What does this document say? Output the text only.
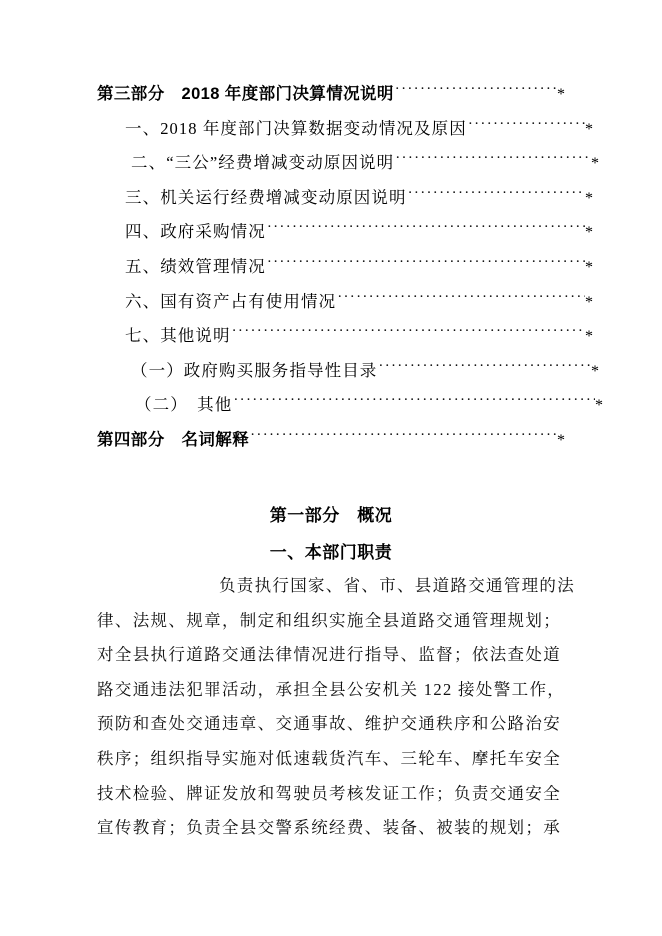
第三部分　2018 年度部门决算情况说明 ·····	*
一、2018 年度部门决算数据变动情况及原因 ·····	*
二、“三公”经费增减变动原因说明 ·····	*
三、机关运行经费增减变动原因说明 ·····	*
四、政府采购情况 ·····	*
五、绩效管理情况 ·····	*
六、国有资产占有使用情况 ·····	*
七、其他说明 ·····	*
（一）政府购买服务指导性目录 ·····	*
（二）　其他 ·····	*
第四部分　名词解释 ·····	*
第一部分　概况
一、本部门职责
负责执行国家、省、市、县道路交通管理的法
律、法规、规章，制定和组织实施全县道路交通管理规划；
对全县执行道路交通法律情况进行指导、监督；依法查处道
路交通违法犯罪活动，承担全县公安机关 122 接处警工作，
预防和查处交通违章、交通事故、维护交通秩序和公路治安
秩序；组织指导实施对低速载货汽车、三轮车、摩托车安全
技术检验、牌证发放和驾驶员考核发证工作；负责交通安全
宣传教育；负责全县交警系统经费、装备、被装的规划；承
